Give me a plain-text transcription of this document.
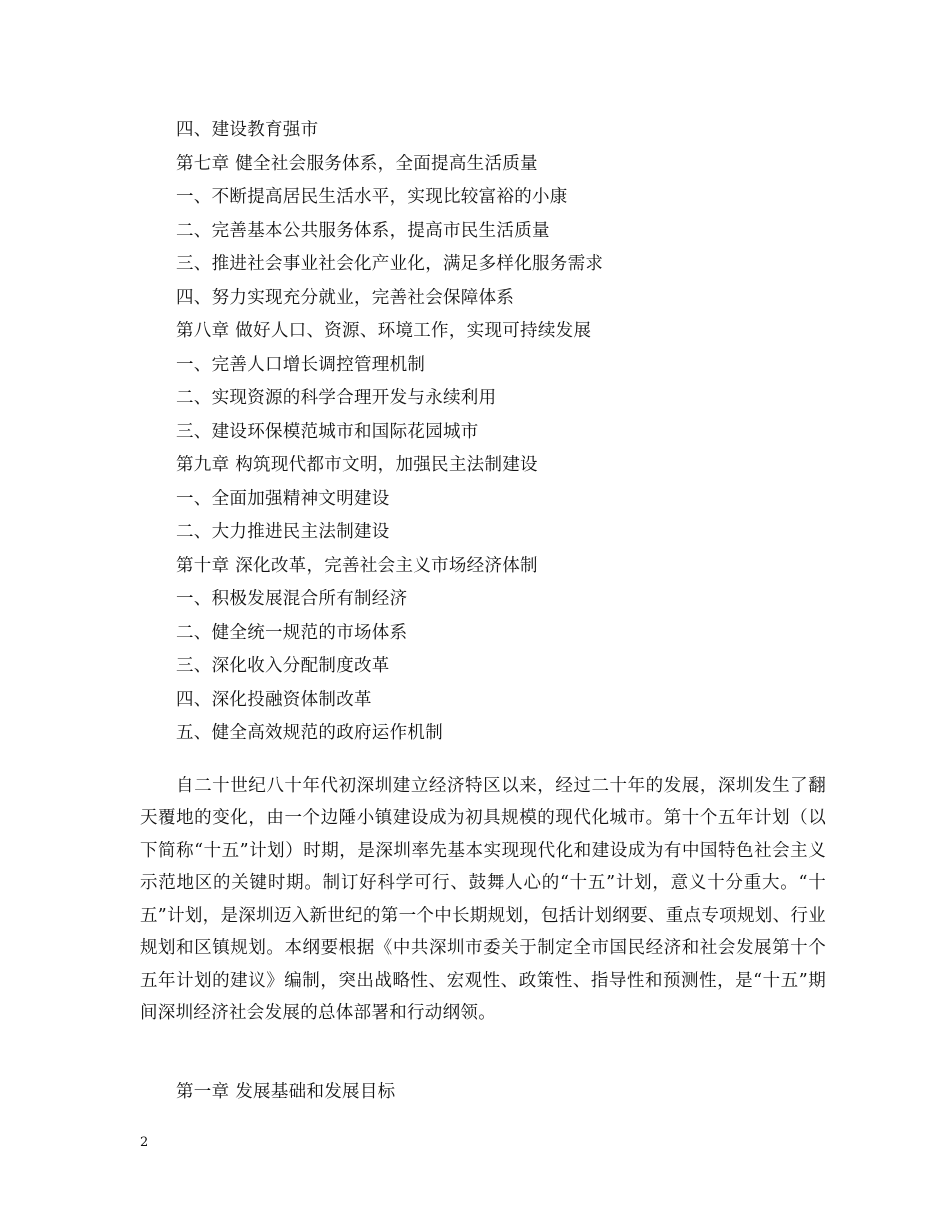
四、建设教育强市
第七章 健全社会服务体系，全面提高生活质量
一、不断提高居民生活水平，实现比较富裕的小康
二、完善基本公共服务体系，提高市民生活质量
三、推进社会事业社会化产业化，满足多样化服务需求
四、努力实现充分就业，完善社会保障体系
第八章 做好人口、资源、环境工作，实现可持续发展
一、完善人口增长调控管理机制
二、实现资源的科学合理开发与永续利用
三、建设环保模范城市和国际花园城市
第九章 构筑现代都市文明，加强民主法制建设
一、全面加强精神文明建设
二、大力推进民主法制建设
第十章 深化改革，完善社会主义市场经济体制
一、积极发展混合所有制经济
二、健全统一规范的市场体系
三、深化收入分配制度改革
四、深化投融资体制改革
五、健全高效规范的政府运作机制

自二十世纪八十年代初深圳建立经济特区以来，经过二十年的发展，深圳发生了翻天覆地的变化，由一个边陲小镇建设成为初具规模的现代化城市。第十个五年计划（以下简称“十五”计划）时期，是深圳率先基本实现现代化和建设成为有中国特色社会主义示范地区的关键时期。制订好科学可行、鼓舞人心的“十五”计划，意义十分重大。“十五”计划，是深圳迈入新世纪的第一个中长期规划，包括计划纲要、重点专项规划、行业规划和区镇规划。本纲要根据《中共深圳市委关于制定全市国民经济和社会发展第十个五年计划的建议》编制，突出战略性、宏观性、政策性、指导性和预测性，是“十五”期间深圳经济社会发展的总体部署和行动纲领。

第一章 发展基础和发展目标
2
